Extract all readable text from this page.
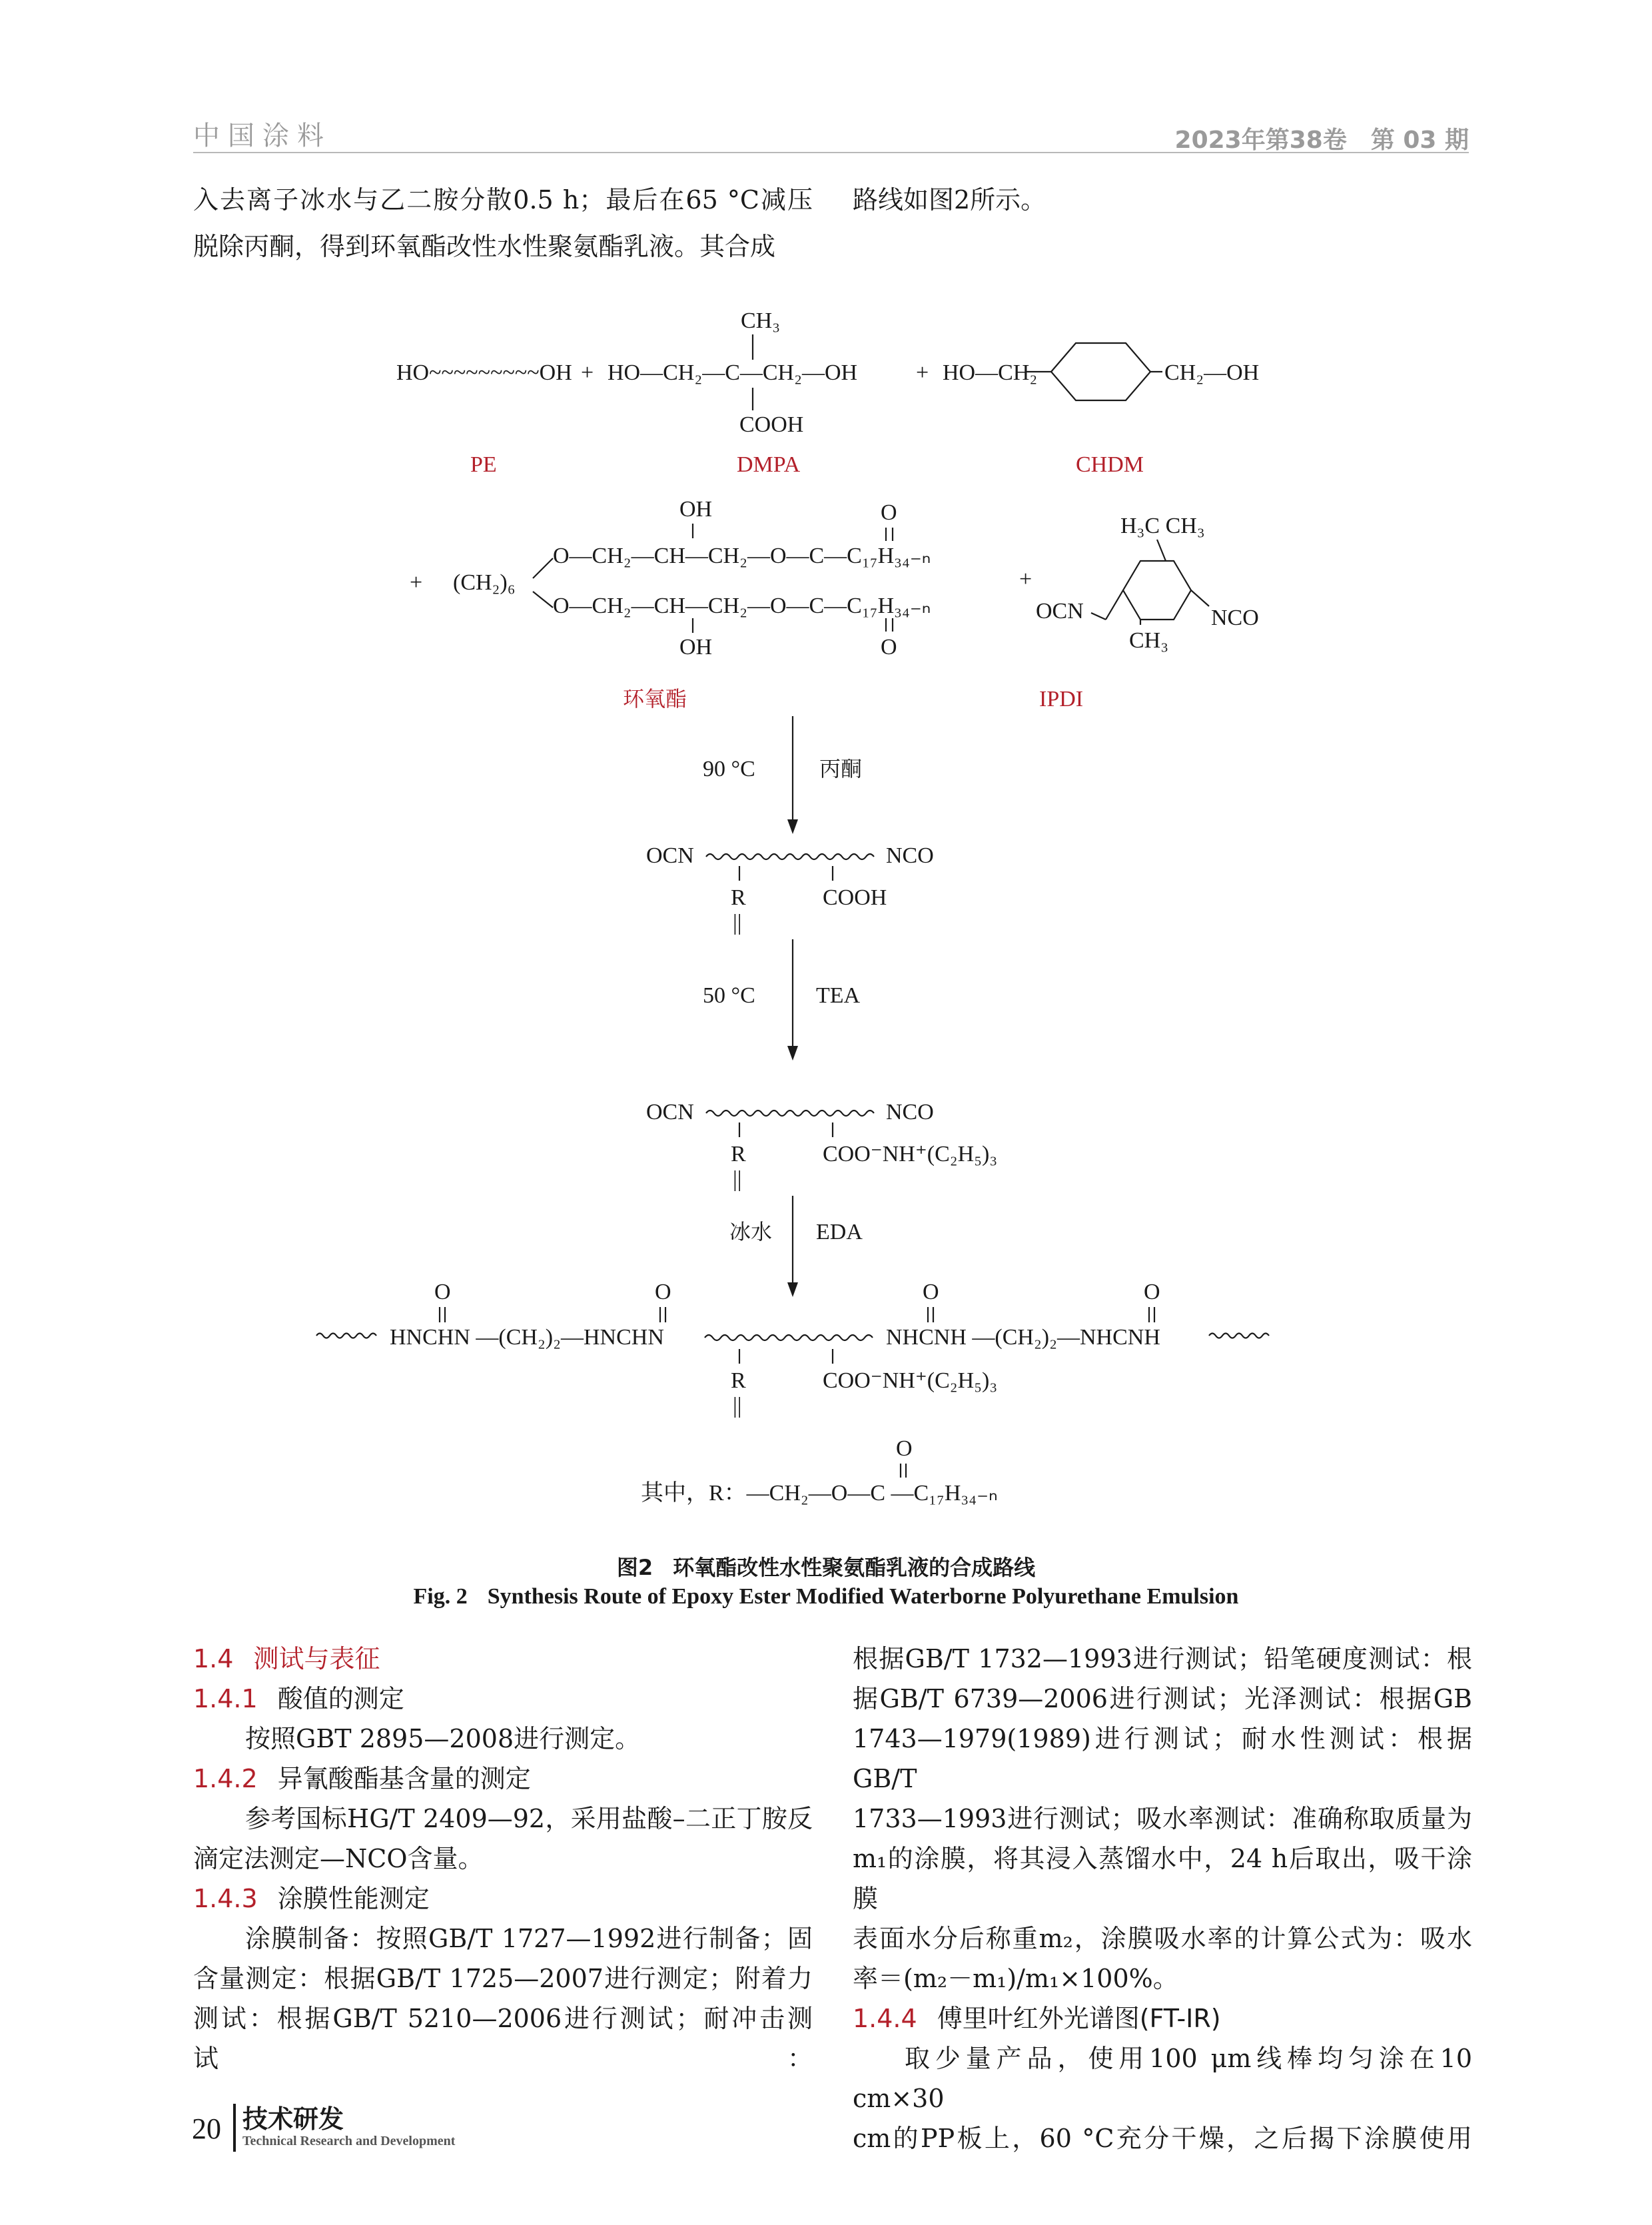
中国涂料	2023年第38卷　第 03 期
入去离子冰水与乙二胺分散0.5 h；最后在65 °C减压
脱除丙酮，得到环氧酯改性水性聚氨酯乳液。其合成
路线如图2所示。
HO~~~~~~~~~OH + HO—CH₂—C—CH₂—OH
CH₃
COOH
+ HO—CH₂	CH₂—OH
PE	DMPA	CHDM
+ (CH₂)₆
OH
O—CH₂—CH—CH₂—O—C—C₁₇H₃₄₋ₙ
O
O—CH₂—CH—CH₂—O—C—C₁₇H₃₄₋ₙ
OH	O
+
H₃C CH₃
NCO
OCN
CH₃
环氧酯	IPDI
90 °C	丙酮
OCN	NCO
R	COOH
||
50 °C	TEA
OCN	NCO
R	COO⁻NH⁺(C₂H₅)₃
||
冰水 EDA
O	O
HNCHN —(CH₂)₂—HNCHN	NHCNH —(CH₂)₂—NHCNH
O	O
R	COO⁻NH⁺(C₂H₅)₃
||
O
其中，R：—CH₂—O—C —C₁₇H₃₄₋ₙ
图2 环氧酯改性水性聚氨酯乳液的合成路线
Fig. 2 Synthesis Route of Epoxy Ester Modified Waterborne Polyurethane Emulsion
1.4 测试与表征
1.4.1 酸值的测定
按照GBT 2895—2008进行测定。
1.4.2 异氰酸酯基含量的测定
参考国标HG/T 2409—92，采用盐酸–二正丁胺反
滴定法测定—NCO含量。
1.4.3 涂膜性能测定
涂膜制备：按照GB/T 1727—1992进行制备；固
含量测定：根据GB/T 1725—2007进行测定；附着力
测试：根据GB/T 5210—2006进行测试；耐冲击测试：
根据GB/T 1732—1993进行测试；铅笔硬度测试：根
据GB/T 6739—2006进行测试；光泽测试：根据GB
1743—1979(1989)进行测试；耐水性测试：根据GB/T
1733—1993进行测试；吸水率测试：准确称取质量为
m₁的涂膜，将其浸入蒸馏水中，24 h后取出，吸干涂膜
表面水分后称重m₂，涂膜吸水率的计算公式为：吸水
率＝(m₂－m₁)/m₁×100%。
1.4.4 傅里叶红外光谱图(FT-IR)
取少量产品，使用100 μm线棒均匀涂在10 cm×30
cm的PP板上，60 °C充分干燥，之后揭下涂膜使用
20 技术研发
Technical Research and Development
